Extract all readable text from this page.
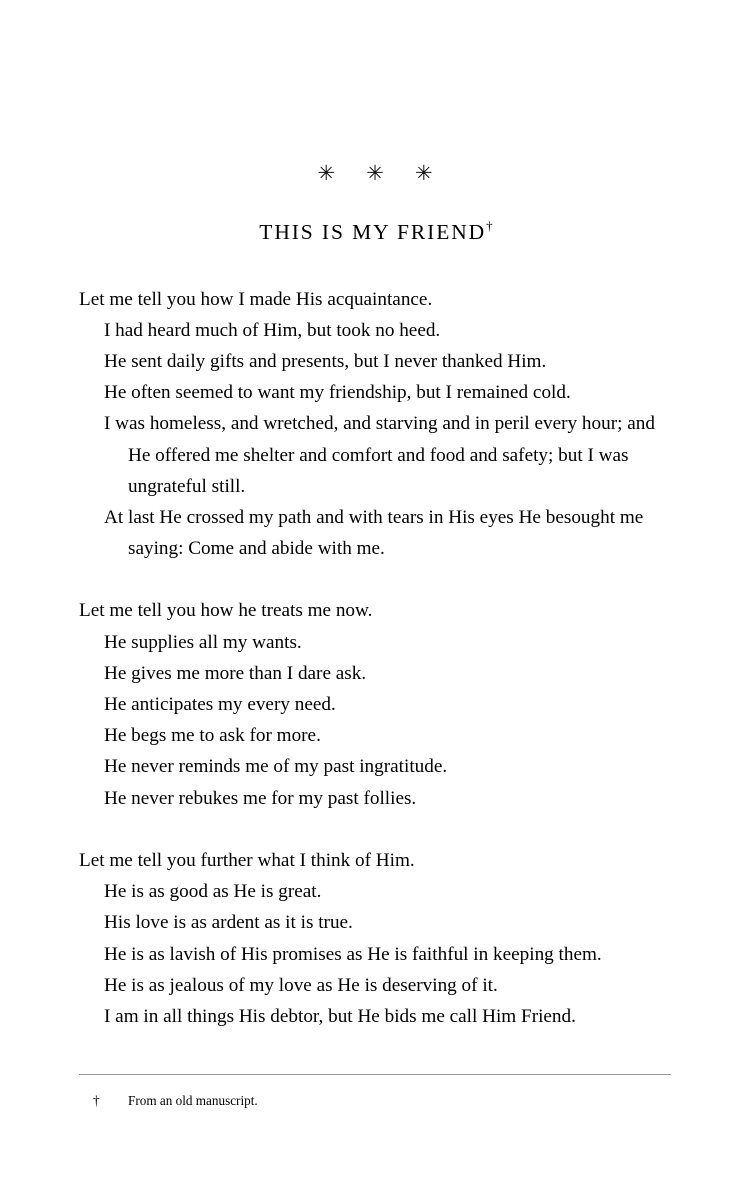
✳ ✳ ✳
THIS IS MY FRIEND†

Let me tell you how I made His acquaintance.

I had heard much of Him, but took no heed.

He sent daily gifts and presents, but I never thanked Him.

He often seemed to want my friendship, but I remained cold.

I was homeless, and wretched, and starving and in peril every hour; and He offered me shelter and comfort and food and safety; but I was ungrateful still.

At last He crossed my path and with tears in His eyes He besought me saying: Come and abide with me.

Let me tell you how he treats me now.

He supplies all my wants.

He gives me more than I dare ask.

He anticipates my every need.

He begs me to ask for more.

He never reminds me of my past ingratitude.

He never rebukes me for my past follies.

Let me tell you further what I think of Him.

He is as good as He is great.

His love is as ardent as it is true.

He is as lavish of His promises as He is faithful in keeping them.

He is as jealous of my love as He is deserving of it.

I am in all things His debtor, but He bids me call Him Friend.

†	From an old manuscript.
